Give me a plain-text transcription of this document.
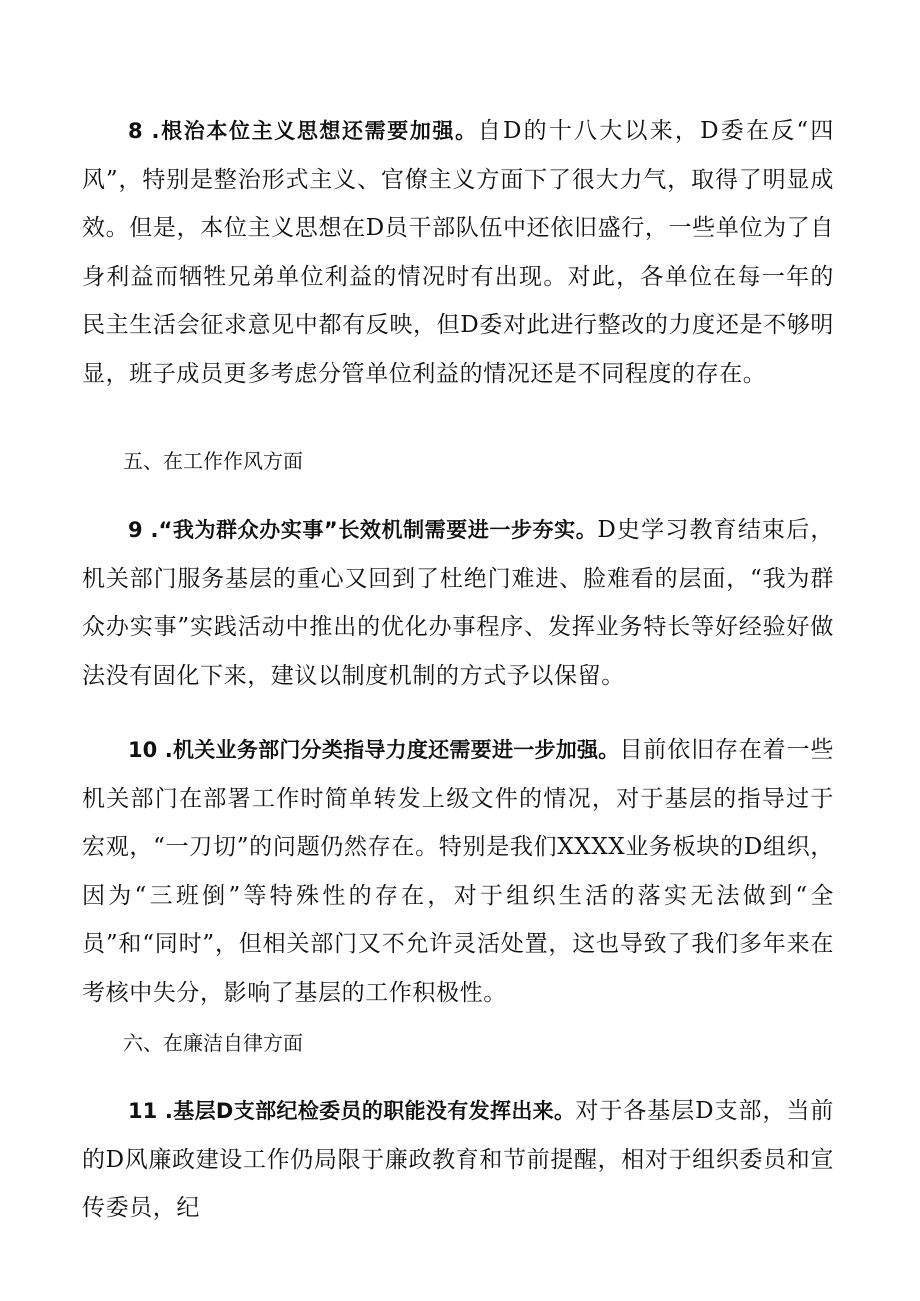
8 .根治本位主义思想还需要加强。自D的十八大以来，D委在反“四风”，特别是整治形式主义、官僚主义方面下了很大力气，取得了明显成效。但是，本位主义思想在D员干部队伍中还依旧盛行，一些单位为了自身利益而牺牲兄弟单位利益的情况时有出现。对此，各单位在每一年的民主生活会征求意见中都有反映，但D委对此进行整改的力度还是不够明显，班子成员更多考虑分管单位利益的情况还是不同程度的存在。

五、在工作作风方面

9 .“我为群众办实事”长效机制需要进一步夯实。D史学习教育结束后，机关部门服务基层的重心又回到了杜绝门难进、脸难看的层面，“我为群众办实事”实践活动中推出的优化办事程序、发挥业务特长等好经验好做法没有固化下来，建议以制度机制的方式予以保留。

10 .机关业务部门分类指导力度还需要进一步加强。目前依旧存在着一些机关部门在部署工作时简单转发上级文件的情况，对于基层的指导过于宏观，“一刀切”的问题仍然存在。特别是我们XXXX业务板块的D组织，因为“三班倒”等特殊性的存在，对于组织生活的落实无法做到“全员”和“同时”，但相关部门又不允许灵活处置，这也导致了我们多年来在考核中失分，影响了基层的工作积极性。

六、在廉洁自律方面

11 .基层D支部纪检委员的职能没有发挥出来。对于各基层D支部，当前的D风廉政建设工作仍局限于廉政教育和节前提醒，相对于组织委员和宣传委员，纪
